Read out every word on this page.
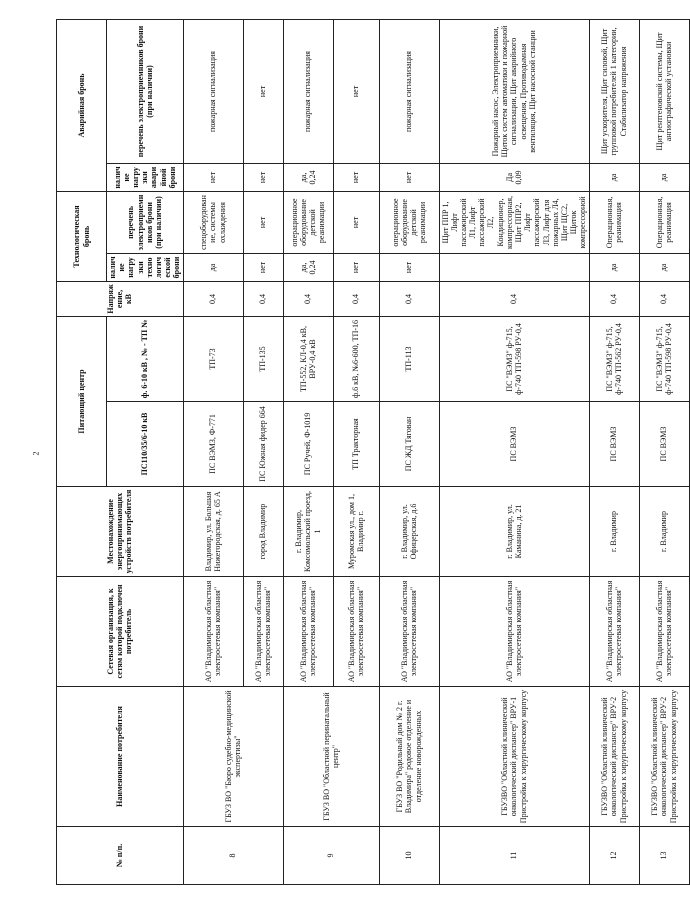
2
№ п/п.	Наименование потребителя	Сетевая организация, к сетям которой подключен потребитель	Местонахождение энергопринимающих устройств потребителя	Питающий центр		Напряжение, кВ	Технологическая бронь		Аварийная бронь	
				ПС110/35/6-10 кВ	ф. 6-10 кВ , № - ТП №		наличие нагрузки технологической брони	перечень электроприемников брони (при наличии)	наличие нагрузки аварийной брони	перечень электроприемников брони (при наличии)
8	ГБУЗ ВО "Бюро судебно-медицинской экспертизы"	АО "Владимирская областная электросетевая компания"	Владимир, ул. Большая Нижегородская, д. 65 А	ПС ВЭМЗ, Ф-771	ТП-73	0,4	да	спецоборудование, системы охлаждения	нет	пожарная сигнализация
		АО "Владимирская областная электросетевая компания"	город Владимир	ПС Южная фидер 664	ТП-135	0,4	нет	нет	нет	нет
9	ГБУЗ ВО "Областной перинатальный центр"	АО "Владимирская областная электросетевая компания"	г. Владимир, Комсомольский проезд, 1	ПС Ручей, Ф-1019	ТП-552, КЛ-0,4 кВ, ВРУ-0,4 кВ	0,4	да, 0,24	операционное оборудование детской реанимации	да, 0,24	пожарная сигнализация
		АО "Владимирская областная электросетевая компания"	Муромская ул., дом 1, Владимир г.	ТП Тракторная	ф.6 кВ, №6-600, ТП-16	0,4	нет	нет	нет	нет
10	ГБУЗ ВО "Родильный дом № 2 г. Владимира" родовое отделение и отделение новорожденных	АО "Владимирская областная электросетевая компания"	г. Владимир, ул. Офицерская, д.6	ПС ЖД Тягован	ТП-113	0,4	нет	операционное оборудование детской реанимации	нет	пожарная сигнализация
11	ГБУЗВО "Областной клинический онкологический диспансер" ВРУ-1 Пристройка к хирургическому корпусу	АО "Владимирская областная электросетевая компания"	г. Владимир, ул. Каманина, д. 21	ПС ВЭМЗ	ПС "ВЭМЗ" ф-715, ф-740 ТП-598 РУ-0,4	0,4		Щит ППР 1, Лифт пассажирский Л1, Лифт пассажирский Л2, Кондиционер, компрессорная, Щит ППР2, Лифт пассажирский Л3, Лифт для пожарных Л4, Щит ЩС2, Щиток компрессорной	Да 0,09	Пожарный насос, Электроприемники, Щиток систем автоматики и пожарной сигнализации, Щит аварийного освещения, Противодымная вентиляция, Щит насосной станции
12	ГБУЗВО "Областной клинический онкологический диспансер" ВРУ-2 Пристройка к хирургическому корпусу	АО "Владимирская областная электросетевая компания"	г. Владимир	ПС ВЭМЗ	ПС "ВЭМЗ" ф-715, ф-740 ТП-562 РУ-0,4	0,4	да	Операционная, реанимация	да	Щит ускорителя, Щит силовой, Щит групповой потребителей 1 категории, Стабилизатор напряжения
13	ГБУЗВО "Областной клинический онкологический диспансер" ВРУ-2 Пристройка к хирургическому корпусу	АО "Владимирская областная электросетевая компания"	г. Владимир	ПС ВЭМЗ	ПС "ВЭМЗ" ф-715, ф-740 ТП-598 РУ-0,4	0,4	да	Операционная, реанимация	да	Щит рентгеновской системы, Щит ангиографической установки
